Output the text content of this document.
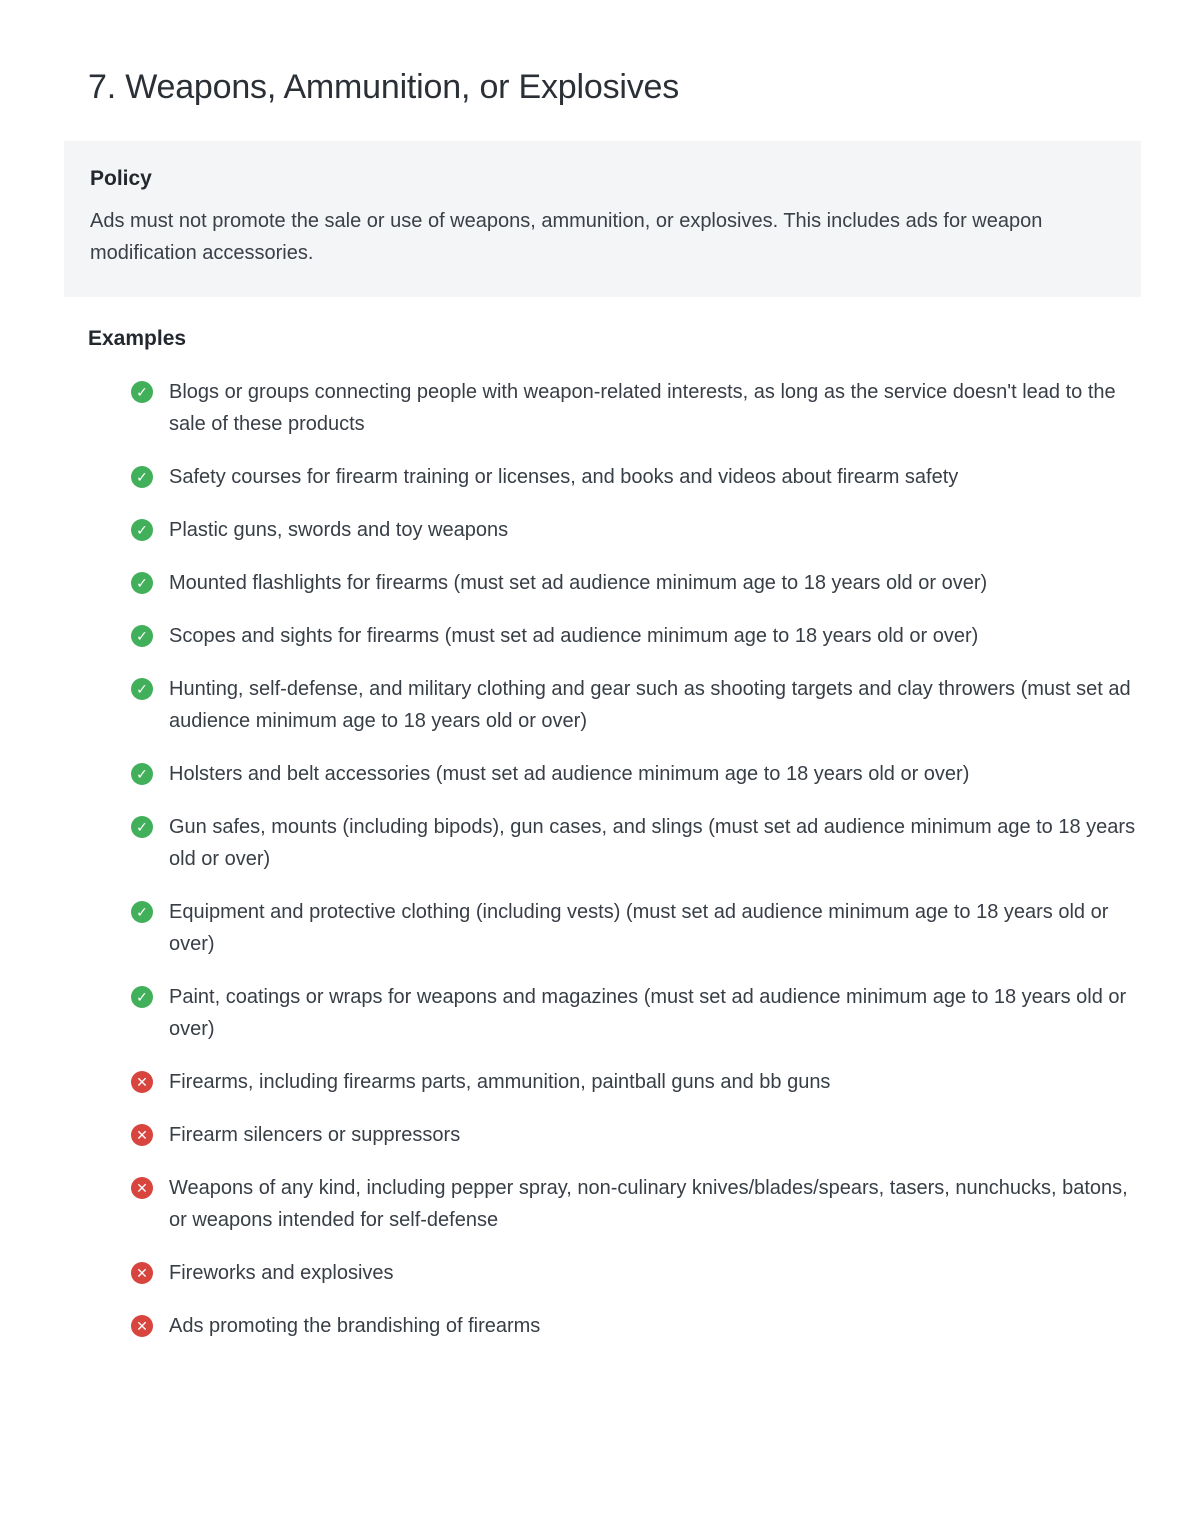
7. Weapons, Ammunition, or Explosives
Policy

Ads must not promote the sale or use of weapons, ammunition, or explosives. This includes ads for weapon modification accessories.

Examples
✓ Blogs or groups connecting people with weapon-related interests, as long as the service doesn't lead to the sale of these products
✓ Safety courses for firearm training or licenses, and books and videos about firearm safety
✓ Plastic guns, swords and toy weapons
✓ Mounted flashlights for firearms (must set ad audience minimum age to 18 years old or over)
✓ Scopes and sights for firearms (must set ad audience minimum age to 18 years old or over)
✓ Hunting, self-defense, and military clothing and gear such as shooting targets and clay throwers (must set ad audience minimum age to 18 years old or over)
✓ Holsters and belt accessories (must set ad audience minimum age to 18 years old or over)
✓ Gun safes, mounts (including bipods), gun cases, and slings (must set ad audience minimum age to 18 years old or over)
✓ Equipment and protective clothing (including vests) (must set ad audience minimum age to 18 years old or over)
✓ Paint, coatings or wraps for weapons and magazines (must set ad audience minimum age to 18 years old or over)
✕ Firearms, including firearms parts, ammunition, paintball guns and bb guns
✕ Firearm silencers or suppressors
✕ Weapons of any kind, including pepper spray, non-culinary knives/blades/spears, tasers, nunchucks, batons, or weapons intended for self-defense
✕ Fireworks and explosives
✕ Ads promoting the brandishing of firearms
